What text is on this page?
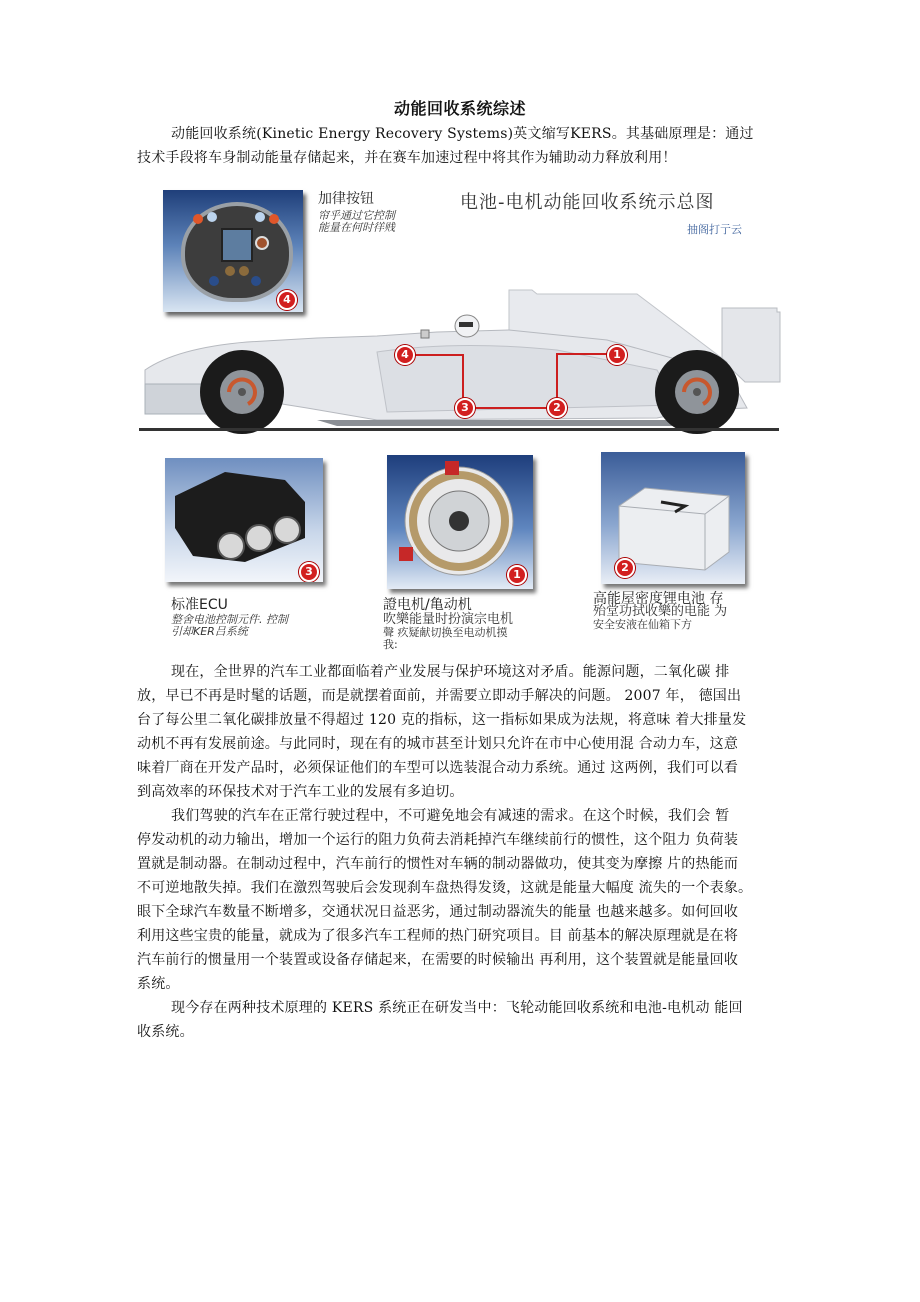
动能回收系统综述
动能回收系统(Kinetic Energy Recovery Systems)英文缩写KERS。其基础原理是：通过
技术手段将车身制动能量存储起来，并在赛车加速过程中将其作为辅助动力释放利用！
4
加律按钮
帘乎通过它控制
能量在何时徉贱
电池-电机动能回收系统示总图
抽阁打亍云
4
3	2
1
3
标准ECU
整舍电池控制元件. 控制
引却KER吕系统
1
證电机/亀动机
吹樂能量时扮演宗电机
聲 疚疑献切换至电动机摸
我:
2
高能屋密度锂电池 存
殆堂功拭收樂的电能 为
安全安液在仙箱下方
现在，全世界的汽车工业都面临着产业发展与保护环境这对矛盾。能源问题，二氧化碳 排
放，早已不再是时髦的话题，而是就摆着面前，并需要立即动手解决的问题。 2007 年， 德国出
台了每公里二氧化碳排放量不得超过 120 克的指标，这一指标如果成为法规，将意味 着大排量发
动机不再有发展前途。与此同时，现在有的城市甚至计划只允许在市中心使用混 合动力车，这意
味着厂商在开发产品时，必须保证他们的车型可以选装混合动力系统。通过 这两例，我们可以看
到高效率的环保技术对于汽车工业的发展有多迫切。
我们驾驶的汽车在正常行驶过程中，不可避免地会有减速的需求。在这个时候，我们会 暂
停发动机的动力输出，增加一个运行的阻力负荷去消耗掉汽车继续前行的惯性，这个阻力 负荷装
置就是制动器。在制动过程中，汽车前行的惯性对车辆的制动器做功，使其变为摩擦 片的热能而
不可逆地散失掉。我们在激烈驾驶后会发现刹车盘热得发烫，这就是能量大幅度 流失的一个表象。
眼下全球汽车数量不断增多，交通状况日益恶劣，通过制动器流失的能量 也越来越多。如何回收
利用这些宝贵的能量，就成为了很多汽车工程师的热门研究项目。目 前基本的解决原理就是在将
汽车前行的惯量用一个装置或设备存储起来，在需要的时候输出 再利用，这个装置就是能量回收
系统。
现今存在两种技术原理的 KERS 系统正在研发当中：飞轮动能回收系统和电池-电机动 能回
收系统。
